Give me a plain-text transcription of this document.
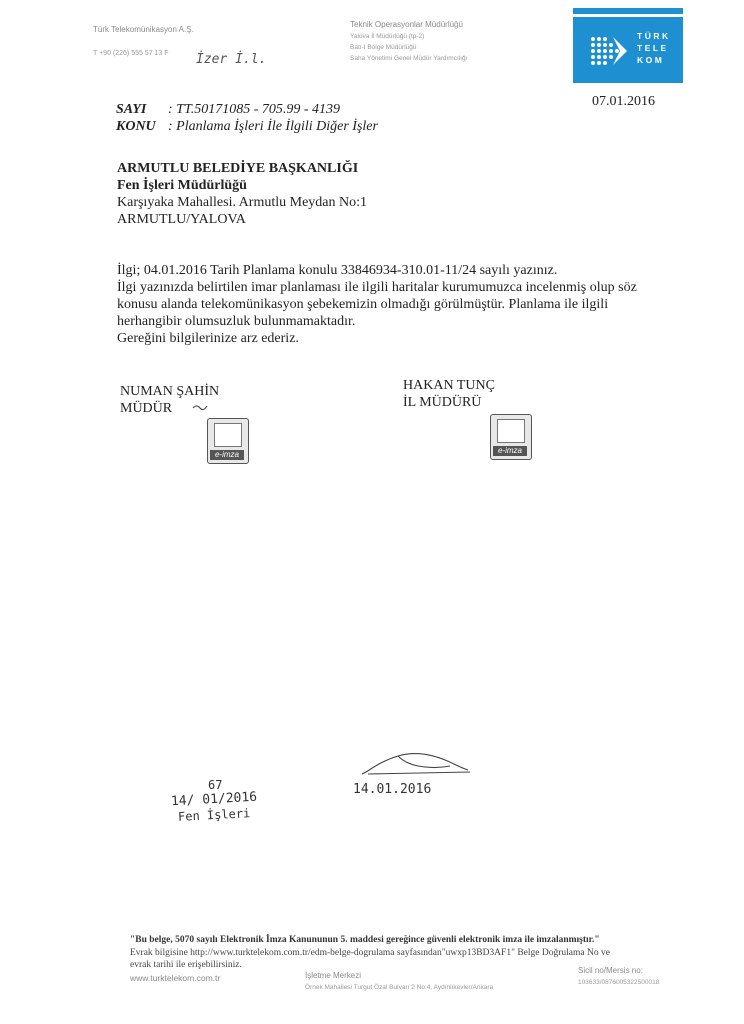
Türk Telekomünikasyon A.Ş.
T +90 (226) 555 57 13 F İzer İ.l.
Teknik Operasyonlar Müdürlüğü
Yalova İl Müdürlüğü (tp-2)
Batı-I Bölge Müdürlüğü
Saha Yönetimi Genel Müdür Yardımcılığı
TÜRK
TELE
KOM
07.01.2016
SAYI : TT.50171085 - 705.99 - 4139
KONU : Planlama İşleri İle İlgili Diğer İşler
ARMUTLU BELEDİYE BAŞKANLIĞI
Fen İşleri Müdürlüğü
Karşıyaka Mahallesi. Armutlu Meydan No:1
ARMUTLU/YALOVA
İlgi; 04.01.2016 Tarih Planlama konulu 33846934-310.01-11/24 sayılı yazınız.
İlgi yazınızda belirtilen imar planlaması ile ilgili haritalar kurumumuzca incelenmiş olup söz
konusu alanda telekomünikasyon şebekemizin olmadığı görülmüştür. Planlama ile ilgili
herhangibir olumsuzluk bulunmamaktadır.
Gereğini bilgilerinize arz ederiz.
NUMAN ŞAHİN
MÜDÜR
e-imza
HAKAN TUNÇ
İL MÜDÜRÜ
e-imza
67
14/ 01/2016
Fen İşleri
14.01.2016
"Bu belge, 5070 sayılı Elektronik İmza Kanununun 5. maddesi gereğince güvenli elektronik imza ile imzalanmıştır."
Evrak bilgisine http://www.turktelekom.com.tr/edm-belge-dogrulama sayfasından"uwxp13BD3AF1" Belge Doğrulama No ve
evrak tarihi ile erişebilirsiniz.
www.turktelekom.com.tr	İşletme Merkezi
Örnek Mahallesi Turgut Özal Bulvarı 2 No:4, Aydınlıkevler/Ankara
Sicil no/Mersis no:
103633/0876005322500018
